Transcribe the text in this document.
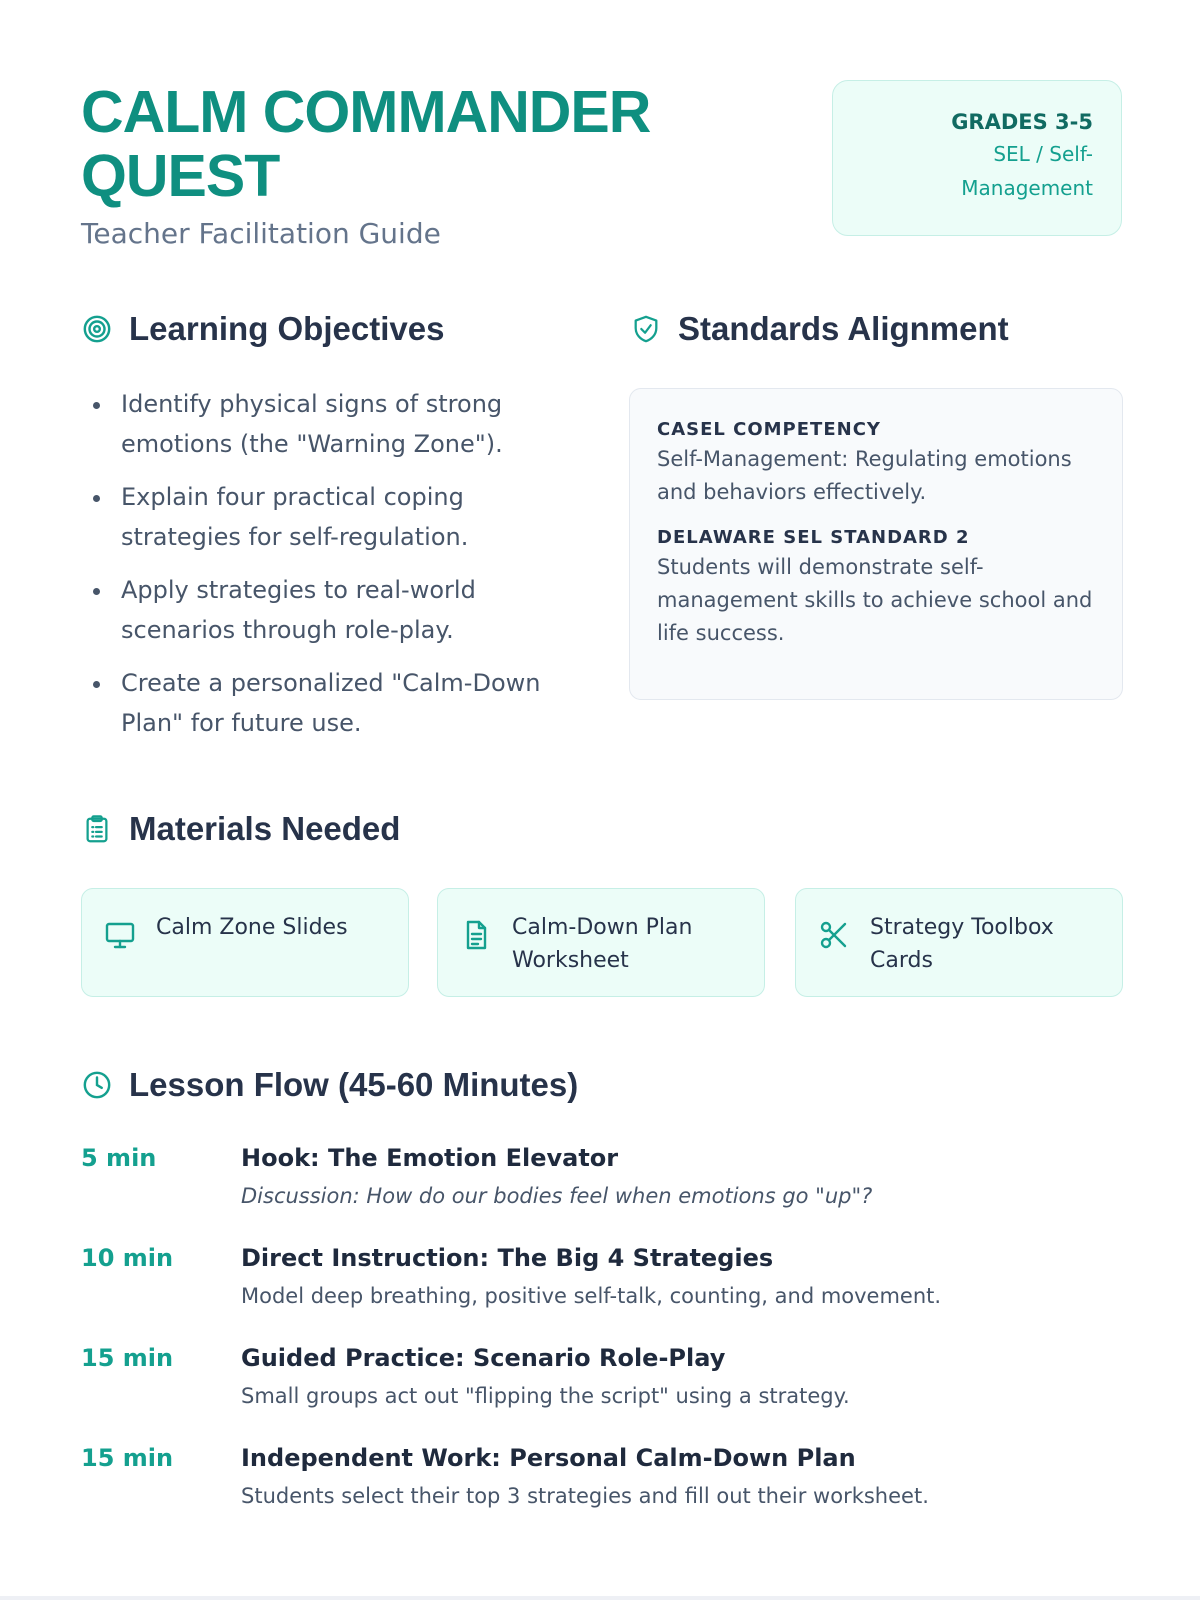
CALM COMMANDER QUEST
Teacher Facilitation Guide
GRADES 3-5
SEL / Self-Management
Learning Objectives
Identify physical signs of strong emotions (the "Warning Zone").
Explain four practical coping strategies for self-regulation.
Apply strategies to real-world scenarios through role-play.
Create a personalized "Calm-Down Plan" for future use.
Standards Alignment
CASEL COMPETENCY
Self-Management: Regulating emotions and behaviors effectively.
DELAWARE SEL STANDARD 2
Students will demonstrate self-management skills to achieve school and life success.
Materials Needed
Calm Zone Slides	Calm-Down Plan Worksheet
Strategy Toolbox Cards
Lesson Flow (45-60 Minutes)
5 min	Hook: The Emotion Elevator
Discussion: How do our bodies feel when emotions go "up"?
10 min	Direct Instruction: The Big 4 Strategies
Model deep breathing, positive self-talk, counting, and movement.
15 min	Guided Practice: Scenario Role-Play
Small groups act out "flipping the script" using a strategy.
15 min	Independent Work: Personal Calm-Down Plan
Students select their top 3 strategies and fill out their worksheet.
